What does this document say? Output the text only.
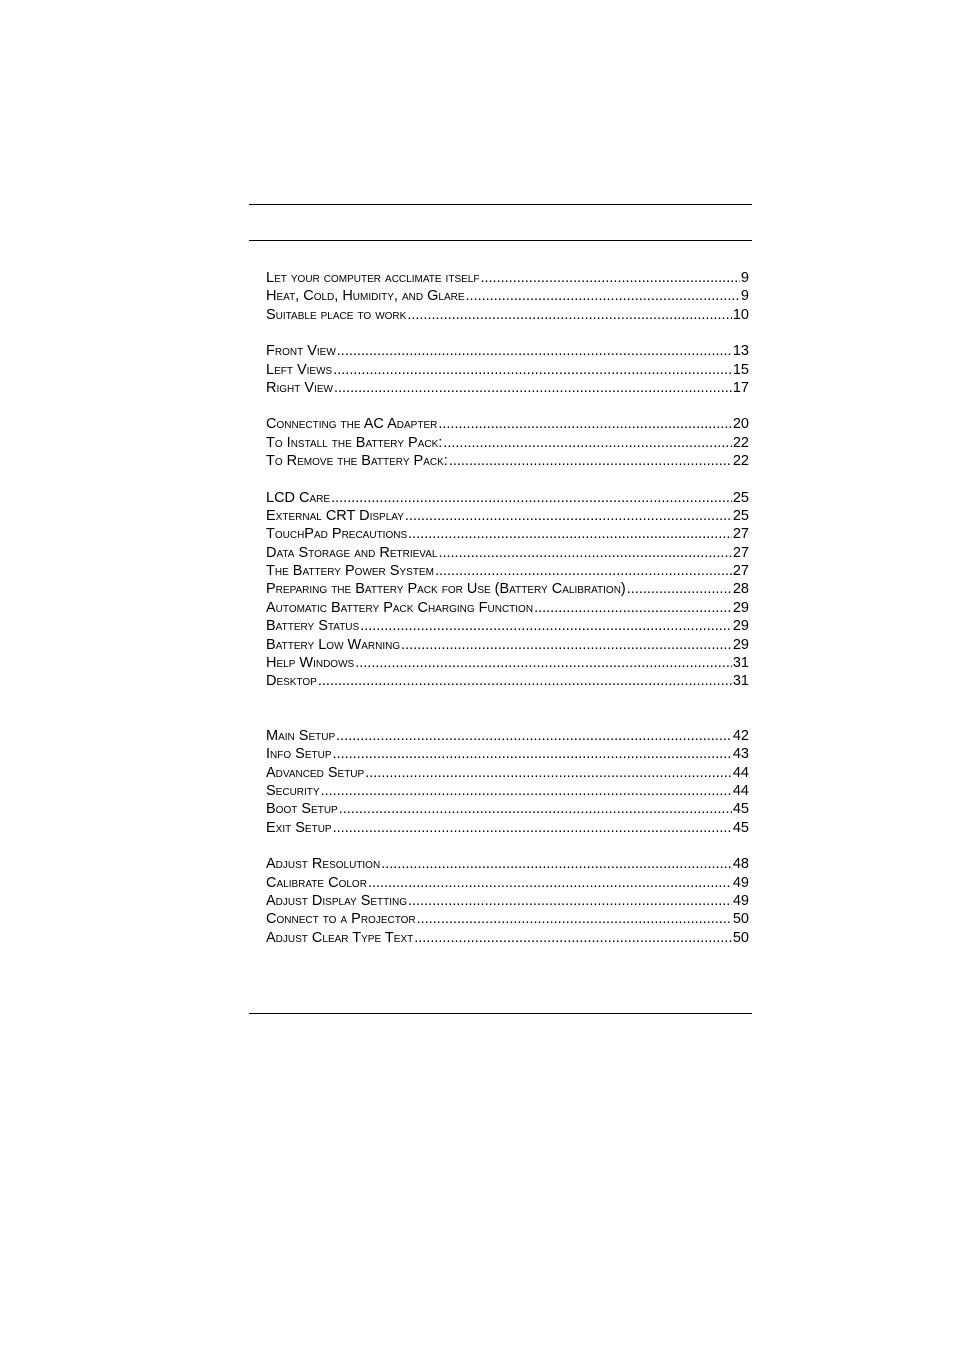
Let your computer acclimate itself .....	9
Heat, Cold, Humidity, and Glare .....	9
Suitable place to work .....	10
Front View .....	13
Left Views .....	15
Right View .....	17
Connecting the AC Adapter .....	20
To Install the Battery Pack: .....	22
To Remove the Battery Pack: .....	22
LCD Care .....	25
External CRT Display .....	25
TouchPad Precautions .....	27
Data Storage and Retrieval .....	27
The Battery Power System .....	27
Preparing the Battery Pack for Use (Battery Calibration) .....	28
Automatic Battery Pack Charging Function .....	29
Battery Status .....	29
Battery Low Warning .....	29
Help Windows .....	31
Desktop .....	31
Main Setup .....	42
Info Setup .....	43
Advanced Setup .....	44
Security .....	44
Boot Setup .....	45
Exit Setup .....	45
Adjust Resolution .....	48
Calibrate Color .....	49
Adjust Display Setting .....	49
Connect to a Projector .....	50
Adjust Clear Type Text .....	50
